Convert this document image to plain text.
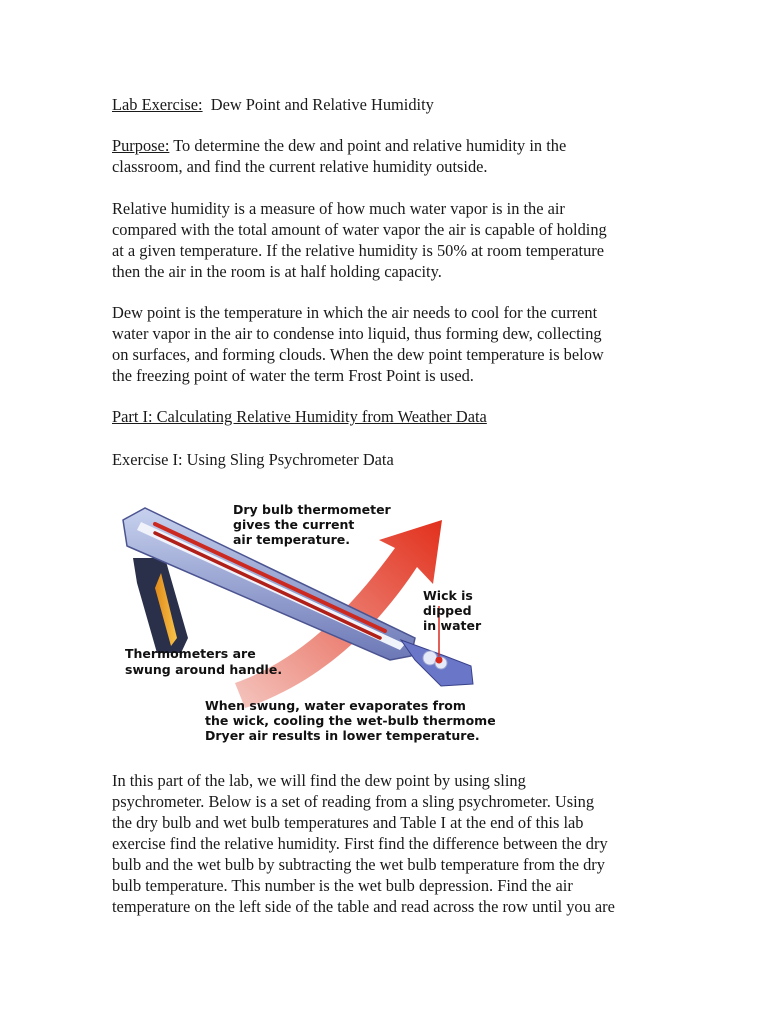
Lab Exercise: Dew Point and Relative Humidity

Purpose: To determine the dew and point and relative humidity in the
classroom, and find the current relative humidity outside.
Relative humidity is a measure of how much water vapor is in the air
compared with the total amount of water vapor the air is capable of holding
at a given temperature. If the relative humidity is 50% at room temperature
then the air in the room is at half holding capacity.
Dew point is the temperature in which the air needs to cool for the current
water vapor in the air to condense into liquid, thus forming dew, collecting
on surfaces, and forming clouds. When the dew point temperature is below
the freezing point of water the term Frost Point is used.

Part I: Calculating Relative Humidity from Weather Data

Exercise I: Using Sling Psychrometer Data

Dry bulb thermometer
gives the current
air temperature.
Wick is
dipped
in water
Thermometers are
swung around handle.
When swung, water evaporates from
the wick, cooling the wet-bulb thermometer.
Dryer air results in lower temperature.
In this part of the lab, we will find the dew point by using sling
psychrometer. Below is a set of reading from a sling psychrometer. Using
the dry bulb and wet bulb temperatures and Table I at the end of this lab
exercise find the relative humidity. First find the difference between the dry
bulb and the wet bulb by subtracting the wet bulb temperature from the dry
bulb temperature. This number is the wet bulb depression. Find the air
temperature on the left side of the table and read across the row until you are
